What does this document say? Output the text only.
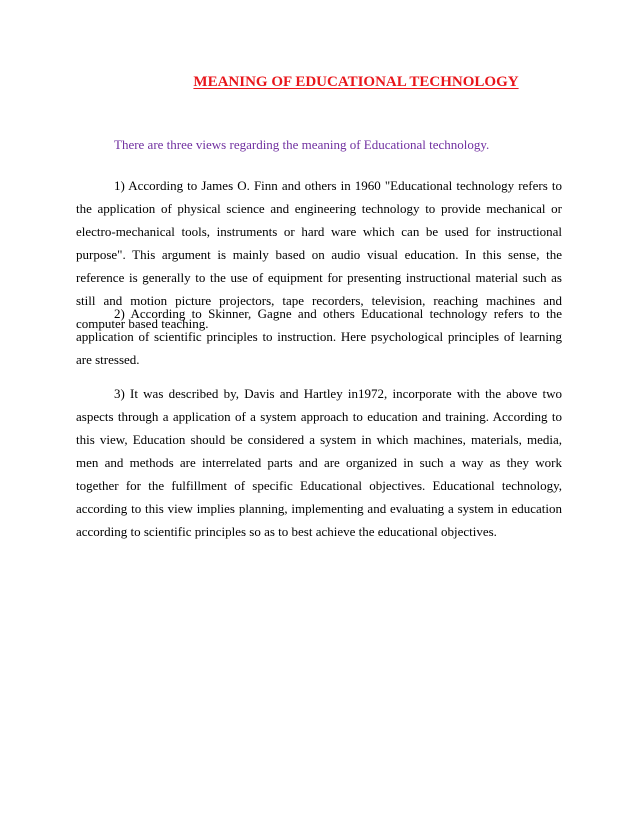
MEANING OF EDUCATIONAL TECHNOLOGY

There are three views regarding the meaning of Educational technology.

1) According to James O. Finn and others in 1960 "Educational technology refers to the application of physical science and engineering technology to provide mechanical or electro-mechanical tools, instruments or hard ware which can be used for instructional purpose". This argument is mainly based on audio visual education. In this sense, the reference is generally to the use of equipment for presenting instructional material such as still and motion picture projectors, tape recorders, television, reaching machines and computer based teaching.

2) According to Skinner, Gagne and others Educational technology refers to the application of scientific principles to instruction. Here psychological principles of learning are stressed.

3) It was described by, Davis and Hartley in1972, incorporate with the above two aspects through a application of a system approach to education and training. According to this view, Education should be considered a system in which machines, materials, media, men and methods are interrelated parts and are organized in such a way as they work together for the fulfillment of specific Educational objectives. Educational technology, according to this view implies planning, implementing and evaluating a system in education according to scientific principles so as to best achieve the educational objectives.
